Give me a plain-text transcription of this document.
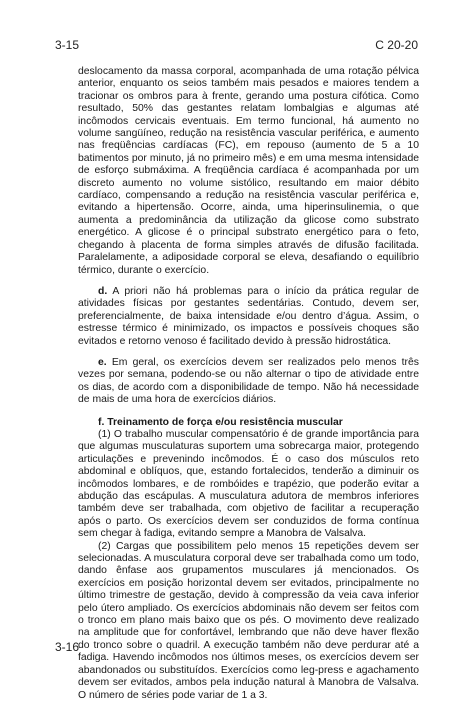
3-15	C 20-20

deslocamento da massa corporal, acompanhada de uma rotação pélvica anterior, enquanto os seios também mais pesados e maiores tendem a tracionar os ombros para à frente, gerando uma postura cifótica. Como resultado, 50% das gestantes relatam lombalgias e algumas até incômodos cervicais eventuais. Em termo funcional, há aumento no volume sangüíneo, redução na resistência vascular periférica, e aumento nas freqüências cardíacas (FC), em repouso (aumento de 5 a 10 batimentos por minuto, já no primeiro mês) e em uma mesma intensidade de esforço submáxima. A freqüência cardíaca é acompanhada por um discreto aumento no volume sistólico, resultando em maior débito cardíaco, compensando a redução na resistência vascular periférica e, evitando a hipertensão. Ocorre, ainda, uma hiperinsulinemia, o que aumenta a predominância da utilização da glicose como substrato energético. A glicose é o principal substrato energético para o feto, chegando à placenta de forma simples através de difusão facilitada. Paralelamente, a adiposidade corporal se eleva, desafiando o equilíbrio térmico, durante o exercício.

d. A priori não há problemas para o início da prática regular de atividades físicas por gestantes sedentárias. Contudo, devem ser, preferencialmente, de baixa intensidade e/ou dentro d’água. Assim, o estresse térmico é minimizado, os impactos e possíveis choques são evitados e retorno venoso é facilitado devido à pressão hidrostática.

e. Em geral, os exercícios devem ser realizados pelo menos três vezes por semana, podendo-se ou não alternar o tipo de atividade entre os dias, de acordo com a disponibilidade de tempo. Não há necessidade de mais de uma hora de exercícios diários.

f. Treinamento de força e/ou resistência muscular

(1) O trabalho muscular compensatório é de grande importância para que algumas musculaturas suportem uma sobrecarga maior, protegendo articulações e prevenindo incômodos. É o caso dos músculos reto abdominal e oblíquos, que, estando fortalecidos, tenderão a diminuir os incômodos lombares, e de rombóides e trapézio, que poderão evitar a abdução das escápulas. A musculatura adutora de membros inferiores também deve ser trabalhada, com objetivo de facilitar a recuperação após o parto. Os exercícios devem ser conduzidos de forma contínua sem chegar à fadiga, evitando sempre a Manobra de Valsalva.

(2) Cargas que possibilitem pelo menos 15 repetições devem ser selecionadas. A musculatura corporal deve ser trabalhada como um todo, dando ênfase aos grupamentos musculares já mencionados. Os exercícios em posição horizontal devem ser evitados, principalmente no último trimestre de gestação, devido à compressão da veia cava inferior pelo útero ampliado. Os exercícios abdominais não devem ser feitos com o tronco em plano mais baixo que os pés. O movimento deve realizado na amplitude que for confortável, lembrando que não deve haver flexão do tronco sobre o quadril. A execução também não deve perdurar até a fadiga. Havendo incômodos nos últimos meses, os exercícios devem ser abandonados ou substituídos. Exercícios como leg-press e agachamento devem ser evitados, ambos pela indução natural à Manobra de Valsalva. O número de séries pode variar de 1 a 3.

3-16
